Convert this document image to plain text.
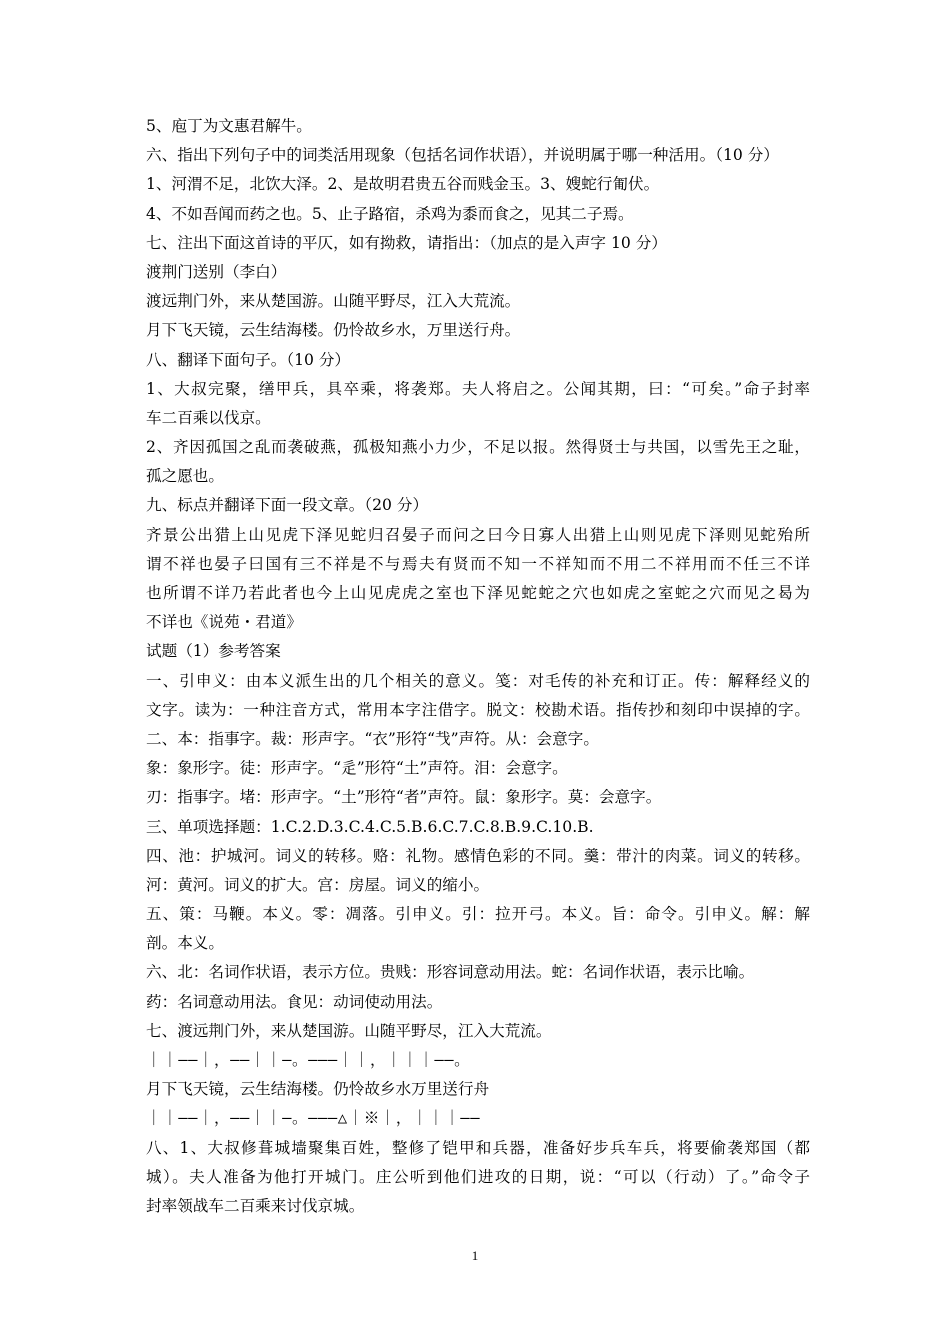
5、庖丁为文惠君解牛。
六、指出下列句子中的词类活用现象（包括名词作状语），并说明属于哪一种活用。（10 分）
1、河渭不足，北饮大泽。2、是故明君贵五谷而贱金玉。3、嫂蛇行匍伏。
4、不如吾闻而药之也。5、止子路宿，杀鸡为黍而食之，见其二子焉。
七、注出下面这首诗的平仄，如有拗救，请指出：（加点的是入声字 10 分）
渡荆门送别（李白）
渡远荆门外，来从楚国游。山随平野尽，江入大荒流。
月下飞天镜，云生结海楼。仍怜故乡水，万里送行舟。
八、翻译下面句子。（10 分）
1、大叔完聚，缮甲兵，具卒乘，将袭郑。夫人将启之。公闻其期，曰：“可矣。”命子封率
车二百乘以伐京。
2、齐因孤国之乱而袭破燕，孤极知燕小力少，不足以报。然得贤士与共国，以雪先王之耻，
孤之愿也。
九、标点并翻译下面一段文章。（20 分）
齐景公出猎上山见虎下泽见蛇归召晏子而问之曰今日寡人出猎上山则见虎下泽则见蛇殆所
谓不祥也晏子曰国有三不祥是不与焉夫有贤而不知一不祥知而不用二不祥用而不任三不详
也所谓不详乃若此者也今上山见虎虎之室也下泽见蛇蛇之穴也如虎之室蛇之穴而见之曷为
不详也《说苑・君道》
试题（1）参考答案
一、引申义：由本义派生出的几个相关的意义。笺：对毛传的补充和订正。传：解释经义的
文字。读为：一种注音方式，常用本字注借字。脱文：校勘术语。指传抄和刻印中误掉的字。
二、本：指事字。裁：形声字。“衣”形符“𢦏”声符。从：会意字。
象：象形字。徒：形声字。“辵”形符“土”声符。泪：会意字。
刃：指事字。堵：形声字。“土”形符“者”声符。鼠：象形字。莫：会意字。
三、单项选择题：1.C.2.D.3.C.4.C.5.B.6.C.7.C.8.B.9.C.10.B.
四、池：护城河。词义的转移。赂：礼物。感情色彩的不同。羹：带汁的肉菜。词义的转移。
河：黄河。词义的扩大。宫：房屋。词义的缩小。
五、策：马鞭。本义。零：凋落。引申义。引：拉开弓。本义。旨：命令。引申义。解：解
剖。本义。
六、北：名词作状语，表示方位。贵贱：形容词意动用法。蛇：名词作状语，表示比喻。
药：名词意动用法。食见：动词使动用法。
七、渡远荆门外，来从楚国游。山随平野尽，江入大荒流。
｜｜——｜，——｜｜—。———｜｜，｜｜｜——。
月下飞天镜，云生结海楼。仍怜故乡水万里送行舟
｜｜——｜，——｜｜—。———△｜※｜，｜｜｜——
八、1、大叔修葺城墙聚集百姓，整修了铠甲和兵器，准备好步兵车兵，将要偷袭郑国（都
城）。夫人准备为他打开城门。庄公听到他们进攻的日期，说：“可以（行动）了。”命令子
封率领战车二百乘来讨伐京城。
1
